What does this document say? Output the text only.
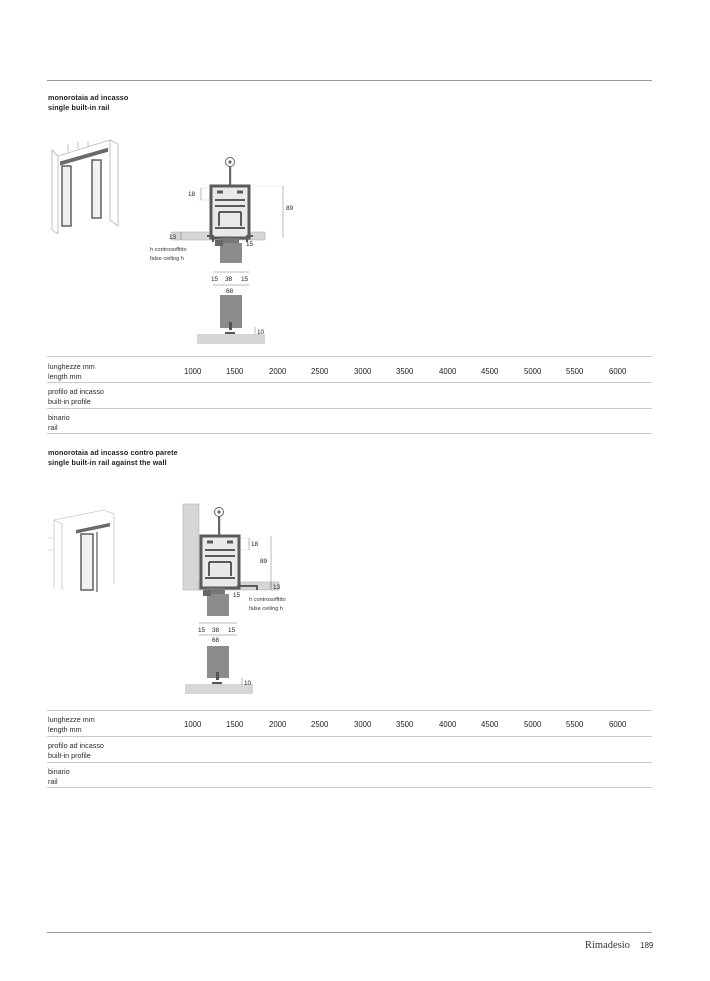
monorotaia ad incasso
single built-in rail
18
89
13
15
h controsoffitto
false ceiling h
15 38 15
68
10
lunghezze mm
length mm
1000	1500	2000	2500	3000	3500	4000	4500	5000	5500	6000
profilo ad incasso
built-in profile
binario
rail
monorotaia ad incasso contro parete
single built-in rail against the wall
18
89
13
15
h controsoffitto
false ceiling h
15 38 15
68
10
lunghezze mm
length mm
1000	1500	2000	2500	3000	3500	4000	4500	5000	5500	6000
profilo ad incasso
built-in profile
binario
rail
Rimadesio 189
